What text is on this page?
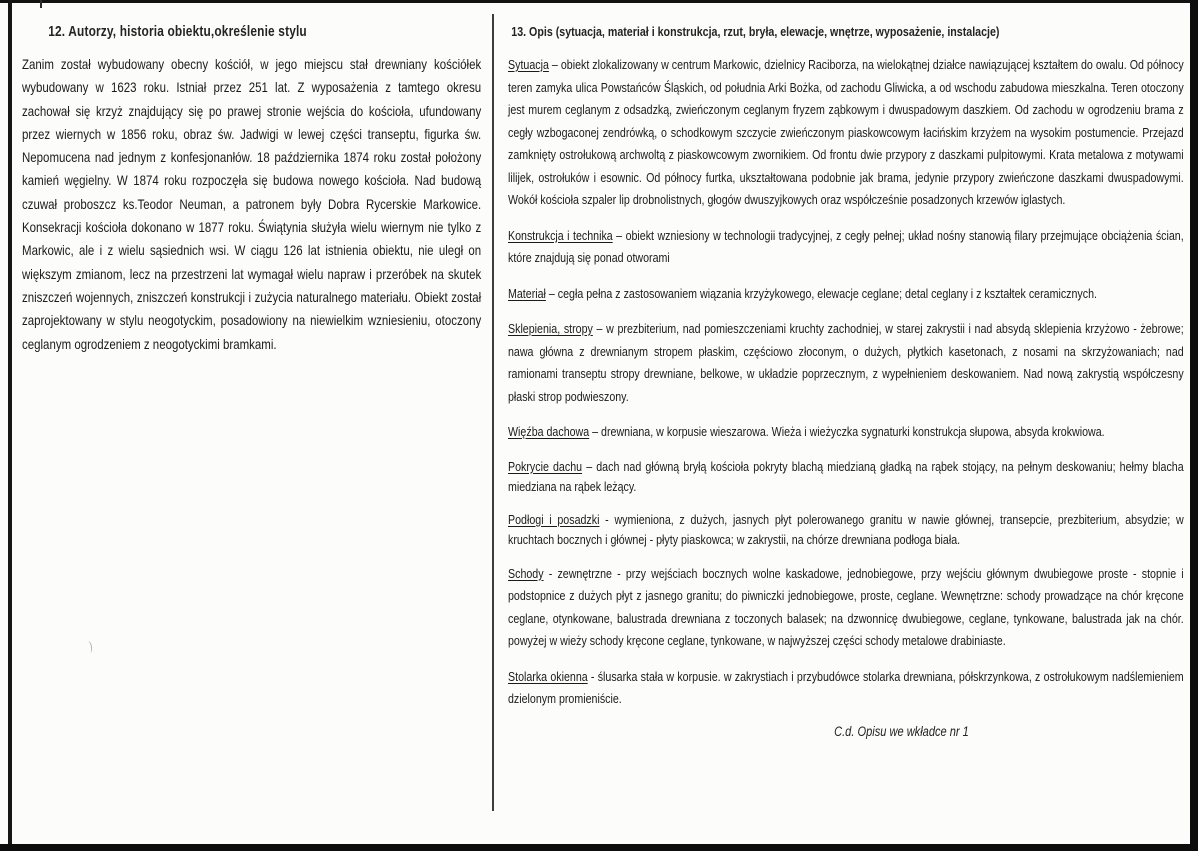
12. Autorzy, historia obiektu,określenie stylu

Zanim został wybudowany obecny kościół, w jego miejscu stał drewniany kościółek wybudowany w 1623 roku. Istniał przez 251 lat. Z wyposażenia z tamtego okresu zachował się krzyż znajdujący się po prawej stronie wejścia do kościoła, ufundowany przez wiernych w 1856 roku, obraz św. Jadwigi w lewej części transeptu, figurka św. Nepomucena nad jednym z konfesjonanłów. 18 października 1874 roku został położony kamień węgielny. W 1874 roku rozpoczęła się budowa nowego kościoła. Nad budową czuwał proboszcz ks.Teodor Neuman, a patronem były Dobra Rycerskie Markowice. Konsekracji kościoła dokonano w 1877 roku. Świątynia służyła wielu wiernym nie tylko z Markowic, ale i z wielu sąsiednich wsi. W ciągu 126 lat istnienia obiektu, nie uległ on większym zmianom, lecz na przestrzeni lat wymagał wielu napraw i przeróbek na skutek zniszczeń wojennych, zniszczeń konstrukcji i zużycia naturalnego materiału. Obiekt został zaprojektowany w stylu neogotyckim, posadowiony na niewielkim wzniesieniu, otoczony ceglanym ogrodzeniem z neogotyckimi bramkami.

13. Opis (sytuacja, materiał i konstrukcja, rzut, bryła, elewacje, wnętrze, wyposażenie, instalacje)

Sytuacja – obiekt zlokalizowany w centrum Markowic, dzielnicy Raciborza, na wielokątnej działce nawiązującej kształtem do owalu. Od północy teren zamyka ulica Powstańców Śląskich, od południa Arki Bożka, od zachodu Gliwicka, a od wschodu zabudowa mieszkalna. Teren otoczony jest murem ceglanym z odsadzką, zwieńczonym ceglanym fryzem ząbkowym i dwuspadowym daszkiem. Od zachodu w ogrodzeniu brama z cegły wzbogaconej zendrówką, o schodkowym szczycie zwieńczonym piaskowcowym łacińskim krzyżem na wysokim postumencie. Przejazd zamknięty ostrołukową archwoltą z piaskowcowym zwornikiem. Od frontu dwie przypory z daszkami pulpitowymi. Krata metalowa z motywami lilijek, ostrołuków i esownic. Od północy furtka, ukształtowana podobnie jak brama, jedynie przypory zwieńczone daszkami dwuspadowymi. Wokół kościoła szpaler lip drobnolistnych, głogów dwuszyjkowych oraz współcześnie posadzonych krzewów iglastych.

Konstrukcja i technika – obiekt wzniesiony w technologii tradycyjnej, z cegły pełnej; układ nośny stanowią filary przejmujące obciążenia ścian, które znajdują się ponad otworami

Materiał – cegła pełna z zastosowaniem wiązania krzyżykowego, elewacje ceglane; detal ceglany i z kształtek ceramicznych.

Sklepienia, stropy – w prezbiterium, nad pomieszczeniami kruchty zachodniej, w starej zakrystii i nad absydą sklepienia krzyżowo - żebrowe; nawa główna z drewnianym stropem płaskim, częściowo złoconym, o dużych, płytkich kasetonach, z nosami na skrzyżowaniach; nad ramionami transeptu stropy drewniane, belkowe, w układzie poprzecznym, z wypełnieniem deskowaniem. Nad nową zakrystią współczesny płaski strop podwieszony.

Więźba dachowa – drewniana, w korpusie wieszarowa. Wieża i wieżyczka sygnaturki konstrukcja słupowa, absyda krokwiowa.

Pokrycie dachu – dach nad główną bryłą kościoła pokryty blachą miedzianą gładką na rąbek stojący, na pełnym deskowaniu; hełmy blacha miedziana na rąbek leżący.

Podłogi i posadzki - wymieniona, z dużych, jasnych płyt polerowanego granitu w nawie głównej, transepcie, prezbiterium, absydzie; w kruchtach bocznych i głównej - płyty piaskowca; w zakrystii, na chórze drewniana podłoga biała.

Schody - zewnętrzne - przy wejściach bocznych wolne kaskadowe, jednobiegowe, przy wejściu głównym dwubiegowe proste - stopnie i podstopnice z dużych płyt z jasnego granitu; do piwniczki jednobiegowe, proste, ceglane. Wewnętrzne: schody prowadzące na chór kręcone ceglane, otynkowane, balustrada drewniana z toczonych balasek; na dzwonnicę dwubiegowe, ceglane, tynkowane, balustrada jak na chór. powyżej w wieży schody kręcone ceglane, tynkowane, w najwyższej części schody metalowe drabiniaste.

Stolarka okienna - ślusarka stała w korpusie. w zakrystiach i przybudówce stolarka drewniana, półskrzynkowa, z ostrołukowym nadślemieniem dzielonym promieniście.

C.d. Opisu we wkładce nr 1
